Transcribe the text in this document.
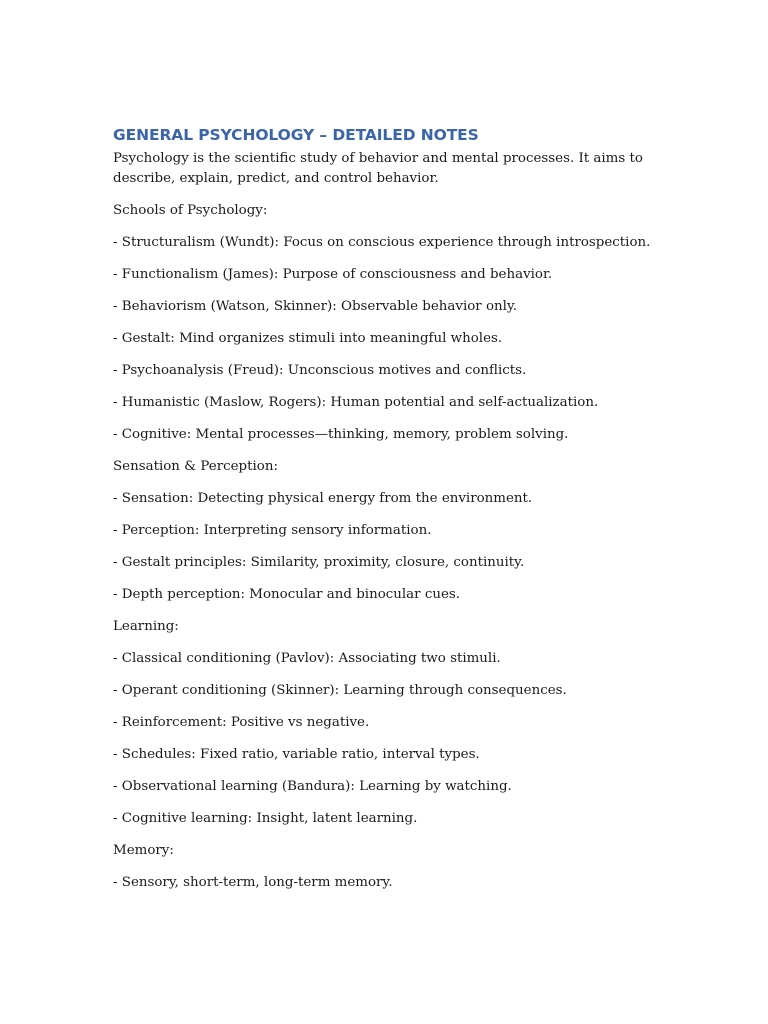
GENERAL PSYCHOLOGY – DETAILED NOTES

Psychology is the scientific study of behavior and mental processes. It aims to describe, explain, predict, and control behavior.

Schools of Psychology:

- Structuralism (Wundt): Focus on conscious experience through introspection.

- Functionalism (James): Purpose of consciousness and behavior.

- Behaviorism (Watson, Skinner): Observable behavior only.

- Gestalt: Mind organizes stimuli into meaningful wholes.

- Psychoanalysis (Freud): Unconscious motives and conflicts.

- Humanistic (Maslow, Rogers): Human potential and self-actualization.

- Cognitive: Mental processes—thinking, memory, problem solving.

Sensation & Perception:

- Sensation: Detecting physical energy from the environment.

- Perception: Interpreting sensory information.

- Gestalt principles: Similarity, proximity, closure, continuity.

- Depth perception: Monocular and binocular cues.

Learning:

- Classical conditioning (Pavlov): Associating two stimuli.

- Operant conditioning (Skinner): Learning through consequences.

- Reinforcement: Positive vs negative.

- Schedules: Fixed ratio, variable ratio, interval types.

- Observational learning (Bandura): Learning by watching.

- Cognitive learning: Insight, latent learning.

Memory:

- Sensory, short-term, long-term memory.
